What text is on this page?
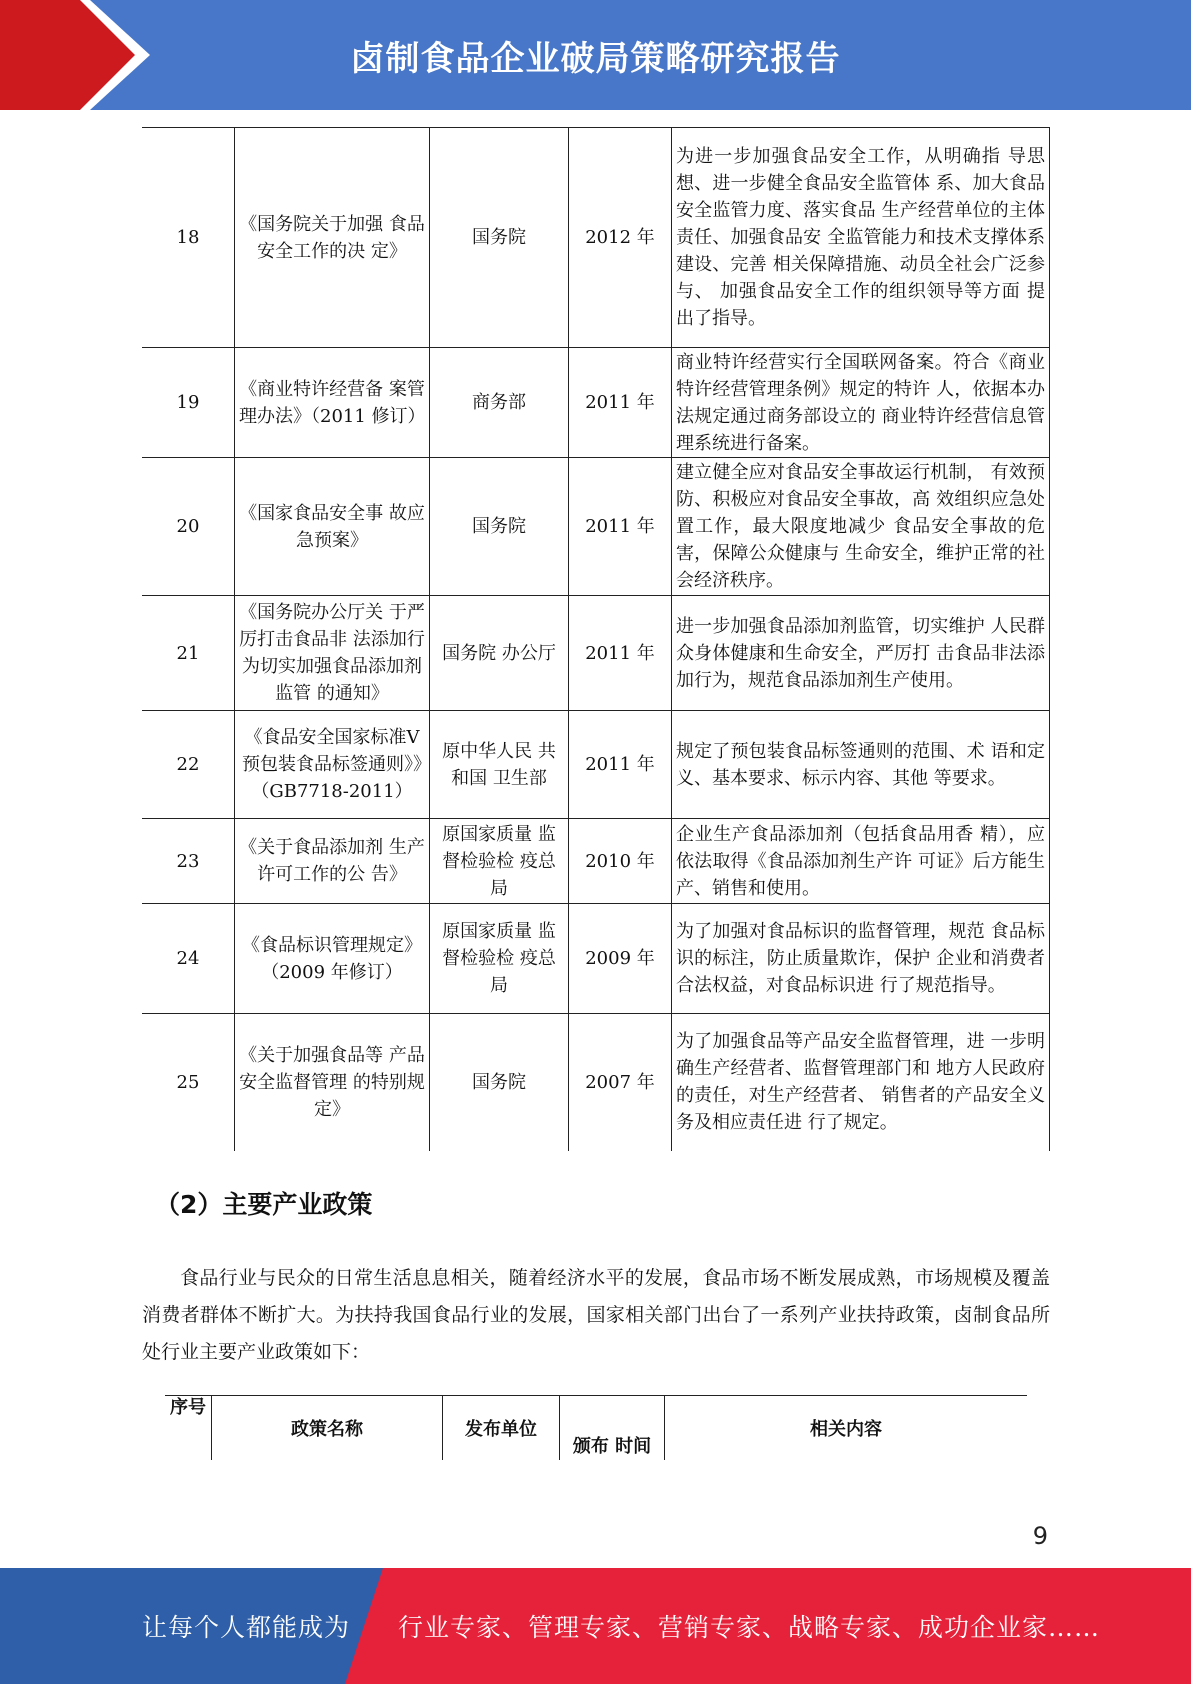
卤制食品企业破局策略研究报告
18	《国务院关于加强 食品安全工作的决 定》	国务院	2012 年	为进一步加强食品安全工作，从明确指 导思想、进一步健全食品安全监管体 系、加大食品安全监管力度、落实食品 生产经营单位的主体责任、加强食品安 全监管能力和技术支撑体系建设、完善 相关保障措施、动员全社会广泛参与、 加强食品安全工作的组织领导等方面 提出了指导。
19	《商业特许经营备 案管理办法》（2011 修订）	商务部	2011 年	商业特许经营实行全国联网备案。符合《商业特许经营管理条例》规定的特许 人，依据本办法规定通过商务部设立的 商业特许经营信息管理系统进行备案。
20	《国家食品安全事 故应急预案》	国务院	2011 年	建立健全应对食品安全事故运行机制， 有效预防、积极应对食品安全事故，高 效组织应急处置工作，最大限度地减少 食品安全事故的危害，保障公众健康与 生命安全，维护正常的社会经济秩序。
21	《国务院办公厅关 于严厉打击食品非 法添加行为切实加强食品添加剂监管 的通知》	国务院 办公厅	2011 年	进一步加强食品添加剂监管，切实维护 人民群众身体健康和生命安全，严厉打 击食品非法添加行为，规范食品添加剂生产使用。
22	《食品安全国家标准Ⅴ预包装食品标签通则》》（GB7718-2011）	原中华人民 共和国 卫生部	2011 年	规定了预包装食品标签通则的范围、术 语和定义、基本要求、标示内容、其他 等要求。
23	《关于食品添加剂 生产许可工作的公 告》	原国家质量 监督检验检 疫总局	2010 年	企业生产食品添加剂（包括食品用香 精），应依法取得《食品添加剂生产许 可证》后方能生产、销售和使用。
24	《食品标识管理规定》（2009 年修订）	原国家质量 监督检验检 疫总局	2009 年	为了加强对食品标识的监督管理，规范 食品标识的标注，防止质量欺诈，保护 企业和消费者合法权益，对食品标识进 行了规范指导。
25	《关于加强食品等 产品安全监督管理 的特别规定》	国务院	2007 年	为了加强食品等产品安全监督管理，进 一步明确生产经营者、监督管理部门和 地方人民政府的责任，对生产经营者、 销售者的产品安全义务及相应责任进 行了规定。
（2）主要产业政策
食品行业与民众的日常生活息息相关，随着经济水平的发展，食品市场不断发展成熟，市场规模及覆盖消费者群体不断扩大。为扶持我国食品行业的发展，国家相关部门出台了一系列产业扶持政策，卤制食品所处行业主要产业政策如下：
序号	政策名称	发布单位	颁布 时间	相关内容
9
让每个人都能成为 行业专家、管理专家、营销专家、战略专家、成功企业家……
